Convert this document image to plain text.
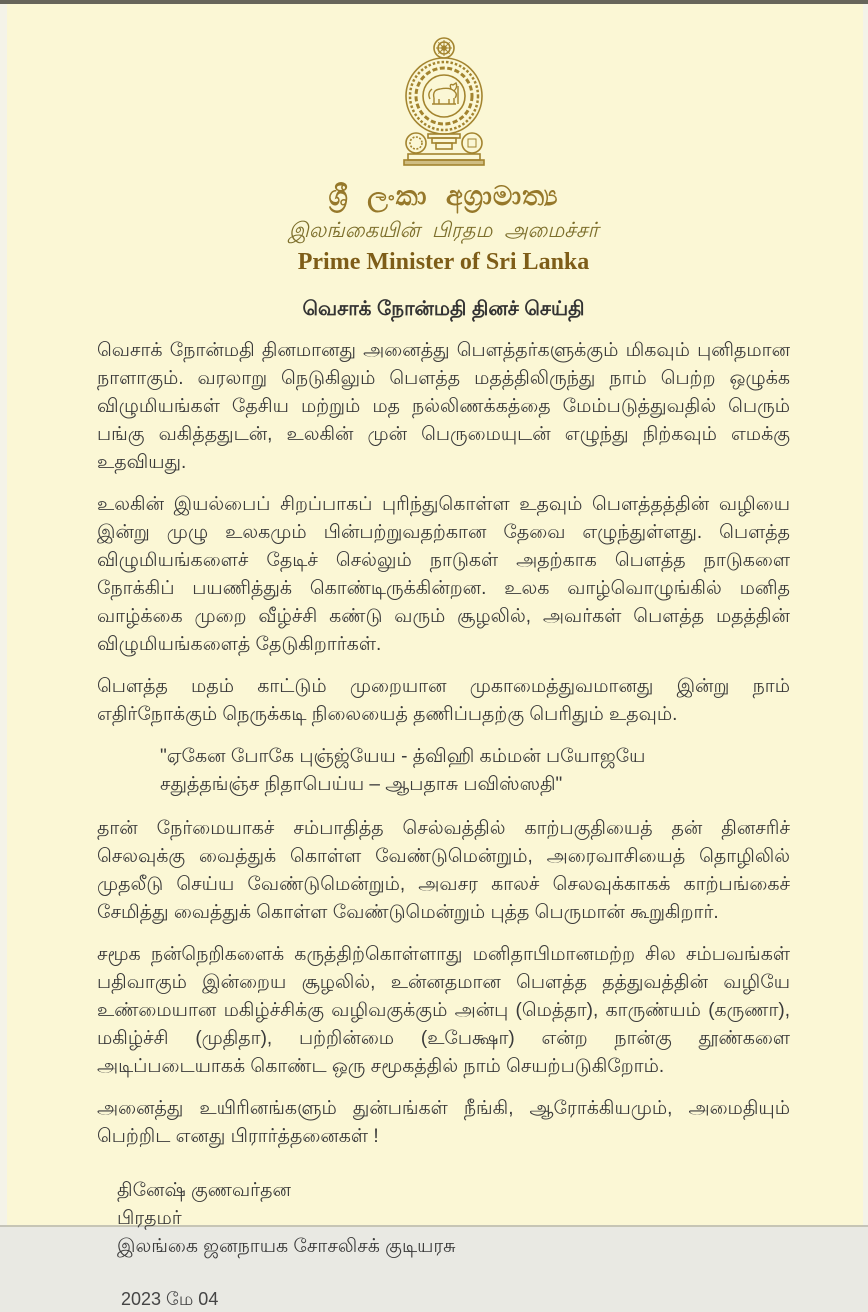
ශ්‍රී ලංකා අග්‍රාමාත්‍ය
இலங்கையின் பிரதம அமைச்சர்
Prime Minister of Sri Lanka
வெசாக் நோன்மதி தினச் செய்தி

வெசாக் நோன்மதி தினமானது அனைத்து பௌத்தர்களுக்கும் மிகவும் புனிதமான நாளாகும். வரலாறு நெடுகிலும் பௌத்த மதத்திலிருந்து நாம் பெற்ற ஒழுக்க விழுமியங்கள் தேசிய மற்றும் மத நல்லிணக்கத்தை மேம்படுத்துவதில் பெரும் பங்கு வகித்ததுடன், உலகின் முன் பெருமையுடன் எழுந்து நிற்கவும் எமக்கு உதவியது.

உலகின் இயல்பைப் சிறப்பாகப் புரிந்துகொள்ள உதவும் பௌத்தத்தின் வழியை இன்று முழு உலகமும் பின்பற்றுவதற்கான தேவை எழுந்துள்ளது. பௌத்த விழுமியங்களைச் தேடிச் செல்லும் நாடுகள் அதற்காக பௌத்த நாடுகளை நோக்கிப் பயணித்துக் கொண்டிருக்கின்றன. உலக வாழ்வொழுங்கில் மனித வாழ்க்கை முறை வீழ்ச்சி கண்டு வரும் சூழலில், அவர்கள் பௌத்த மதத்தின் விழுமியங்களைத் தேடுகிறார்கள்.

பௌத்த மதம் காட்டும் முறையான முகாமைத்துவமானது இன்று நாம் எதிர்நோக்கும் நெருக்கடி நிலையைத் தணிப்பதற்கு பெரிதும் உதவும்.

"ஏகேன போகே புஞ்ஜ்யேய - த்விஹி கம்மன் பயோஜயே
சதுத்தங்ஞ்ச நிதாபெய்ய – ஆபதாசு பவிஸ்ஸதி"

தான் நேர்மையாகச் சம்பாதித்த செல்வத்தில் காற்பகுதியைத் தன் தினசரிச் செலவுக்கு வைத்துக் கொள்ள வேண்டுமென்றும், அரைவாசியைத் தொழிலில் முதலீடு செய்ய வேண்டுமென்றும், அவசர காலச் செலவுக்காகக் காற்பங்கைச் சேமித்து வைத்துக் கொள்ள வேண்டுமென்றும் புத்த பெருமான் கூறுகிறார்.

சமூக நன்நெறிகளைக் கருத்திற்கொள்ளாது மனிதாபிமானமற்ற சில சம்பவங்கள் பதிவாகும் இன்றைய சூழலில், உன்னதமான பௌத்த தத்துவத்தின் வழியே உண்மையான மகிழ்ச்சிக்கு வழிவகுக்கும் அன்பு (மெத்தா), காருண்யம் (கருணா), மகிழ்ச்சி (முதிதா), பற்றின்மை (உபேக்ஷா) என்ற நான்கு தூண்களை அடிப்படையாகக் கொண்ட ஒரு சமூகத்தில் நாம் செயற்படுகிறோம்.

அனைத்து உயிரினங்களும் துன்பங்கள் நீங்கி, ஆரோக்கியமும், அமைதியும் பெற்றிட எனது பிரார்த்தனைகள் !

தினேஷ் குணவர்தன
பிரதமர்
இலங்கை ஜனநாயக சோசலிசக் குடியரசு
2023 மே 04
